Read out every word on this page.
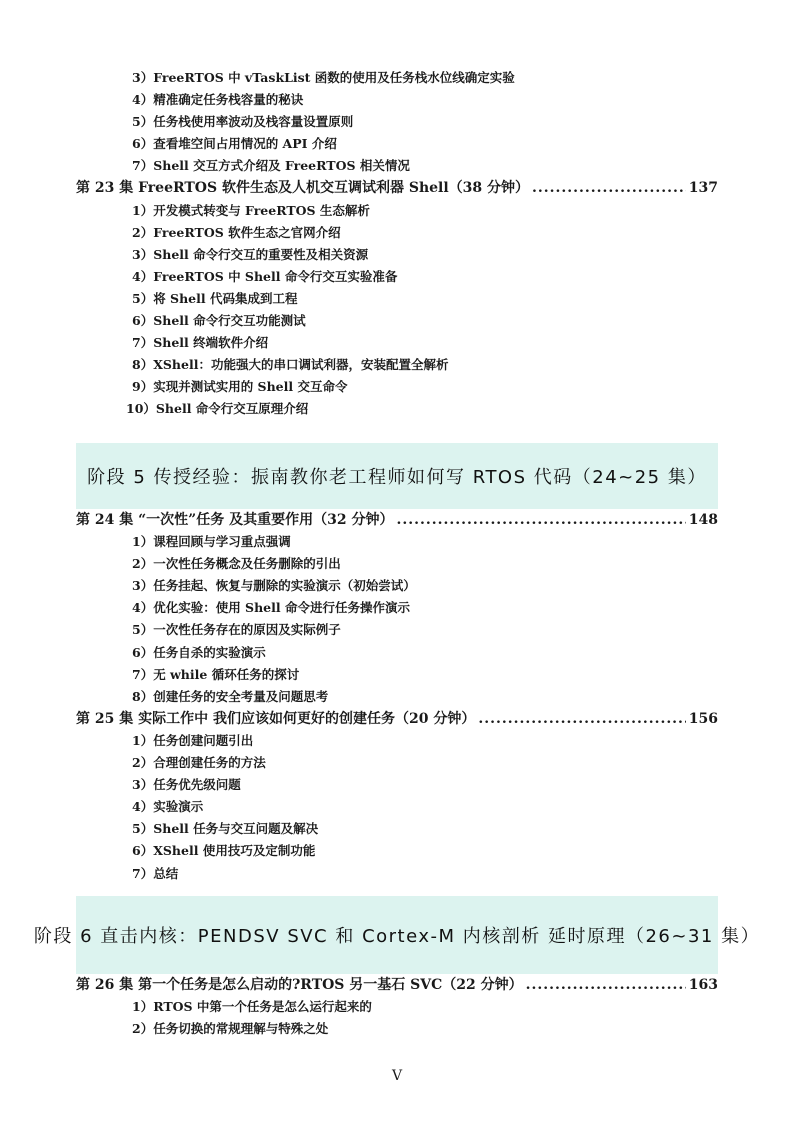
3）FreeRTOS 中 vTaskList 函数的使用及任务栈水位线确定实验
4）精准确定任务栈容量的秘诀
5）任务栈使用率波动及栈容量设置原则
6）查看堆空间占用情况的 API 介绍
7）Shell 交互方式介绍及 FreeRTOS 相关情况
第 23 集 FreeRTOS 软件生态及人机交互调试利器 Shell（38 分钟） .....	137
1）开发模式转变与 FreeRTOS 生态解析
2）FreeRTOS 软件生态之官网介绍
3）Shell 命令行交互的重要性及相关资源
4）FreeRTOS 中 Shell 命令行交互实验准备
5）将 Shell 代码集成到工程
6）Shell 命令行交互功能测试
7）Shell 终端软件介绍
8）XShell：功能强大的串口调试利器，安装配置全解析
9）实现并测试实用的 Shell 交互命令
10）Shell 命令行交互原理介绍
阶段 5 传授经验：振南教你老工程师如何写 RTOS 代码（24~25 集）
第 24 集 “一次性”任务 及其重要作用（32 分钟） .....	148
1）课程回顾与学习重点强调
2）一次性任务概念及任务删除的引出
3）任务挂起、恢复与删除的实验演示（初始尝试）
4）优化实验：使用 Shell 命令进行任务操作演示
5）一次性任务存在的原因及实际例子
6）任务自杀的实验演示
7）无 while 循环任务的探讨
8）创建任务的安全考量及问题思考
第 25 集 实际工作中 我们应该如何更好的创建任务（20 分钟） .....	156
1）任务创建问题引出
2）合理创建任务的方法
3）任务优先级问题
4）实验演示
5）Shell 任务与交互问题及解决
6）XShell 使用技巧及定制功能
7）总结
阶段 6 直击内核：PENDSV SVC 和 Cortex-M 内核剖析 延时原理（26~31 集）
第 26 集 第一个任务是怎么启动的?RTOS 另一基石 SVC（22 分钟） .....	163
1）RTOS 中第一个任务是怎么运行起来的
2）任务切换的常规理解与特殊之处
V
